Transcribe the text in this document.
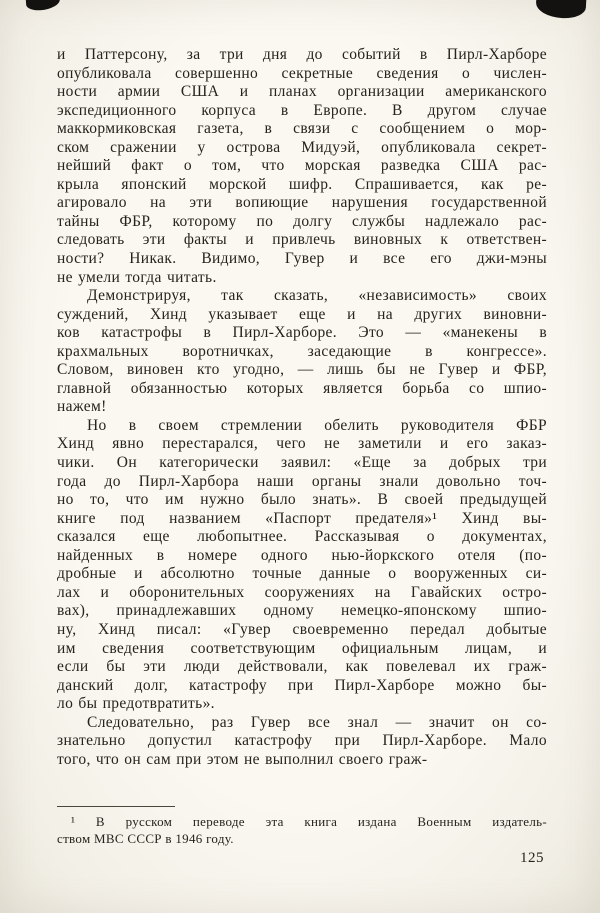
и Паттерсону, за три дня до событий в Пирл-Харборе
опубликовала совершенно секретные сведения о числен-
ности армии США и планах организации американского
экспедиционного корпуса в Европе. В другом случае
маккормиковская газета, в связи с сообщением о мор-
ском сражении у острова Мидуэй, опубликовала секрет-
нейший факт о том, что морская разведка США рас-
крыла японский морской шифр. Спрашивается, как ре-
агировало на эти вопиющие нарушения государственной
тайны ФБР, которому по долгу службы надлежало рас-
следовать эти факты и привлечь виновных к ответствен-
ности? Никак. Видимо, Гувер и все его джи-мэны
не умели тогда читать.
Демонстрируя, так сказать, «независимость» своих
суждений, Хинд указывает еще и на других виновни-
ков катастрофы в Пирл-Харборе. Это — «манекены в
крахмальных воротничках, заседающие в конгрессе».
Словом, виновен кто угодно, — лишь бы не Гувер и ФБР,
главной обязанностью которых является борьба со шпио-
нажем!
Но в своем стремлении обелить руководителя ФБР
Хинд явно перестарался, чего не заметили и его заказ-
чики. Он категорически заявил: «Еще за добрых три
года до Пирл-Харбора наши органы знали довольно точ-
но то, что им нужно было знать». В своей предыдущей
книге под названием «Паспорт предателя»¹ Хинд вы-
сказался еще любопытнее. Рассказывая о документах,
найденных в номере одного нью-йоркского отеля (по-
дробные и абсолютно точные данные о вооруженных си-
лах и оборонительных сооружениях на Гавайских остро-
вах), принадлежавших одному немецко-японскому шпио-
ну, Хинд писал: «Гувер своевременно передал добытые
им сведения соответствующим официальным лицам, и
если бы эти люди действовали, как повелевал их граж-
данский долг, катастрофу при Пирл-Харборе можно бы-
ло бы предотвратить».
Следовательно, раз Гувер все знал — значит он со-
знательно допустил катастрофу при Пирл-Харборе. Мало
того, что он сам при этом не выполнил своего граж-
¹ В русском переводе эта книга издана Военным издатель-
ством МВС СССР в 1946 году.
125
